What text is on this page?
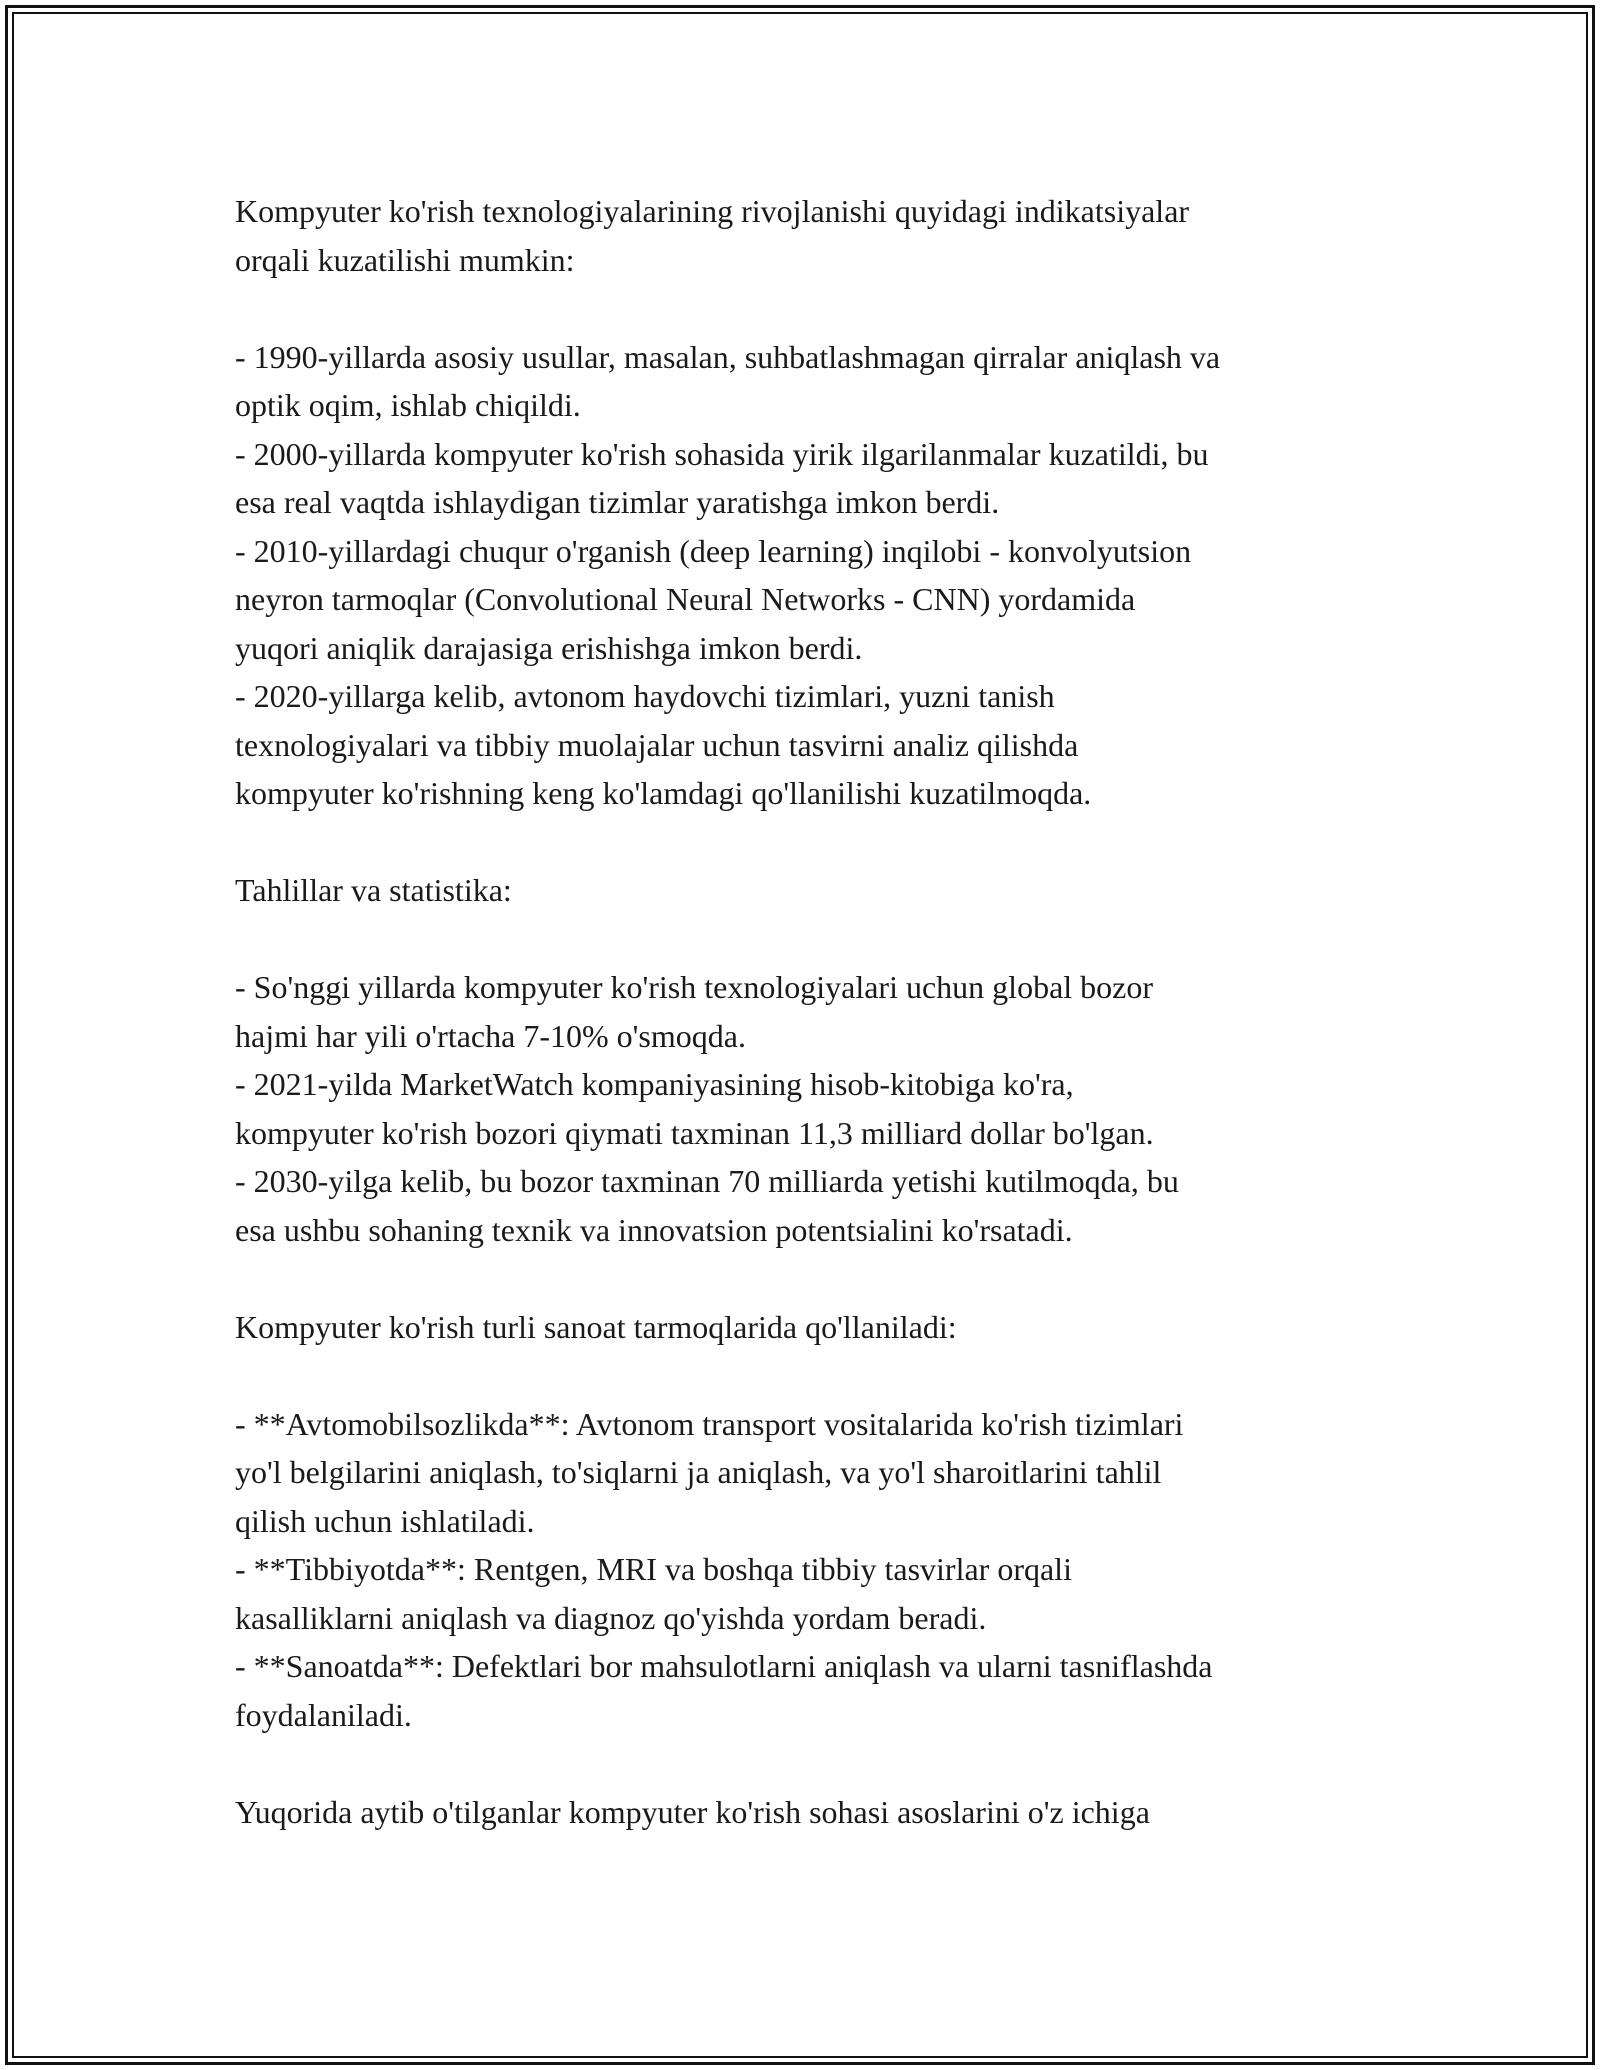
Kompyuter ko'rish texnologiyalarining rivojlanishi quyidagi indikatsiyalar
orqali kuzatilishi mumkin:
- 1990-yillarda asosiy usullar, masalan, suhbatlashmagan qirralar aniqlash va
optik oqim, ishlab chiqildi.
- 2000-yillarda kompyuter ko'rish sohasida yirik ilgarilanmalar kuzatildi, bu
esa real vaqtda ishlaydigan tizimlar yaratishga imkon berdi.
- 2010-yillardagi chuqur o'rganish (deep learning) inqilobi - konvolyutsion
neyron tarmoqlar (Convolutional Neural Networks - CNN) yordamida
yuqori aniqlik darajasiga erishishga imkon berdi.
- 2020-yillarga kelib, avtonom haydovchi tizimlari, yuzni tanish
texnologiyalari va tibbiy muolajalar uchun tasvirni analiz qilishda
kompyuter ko'rishning keng ko'lamdagi qo'llanilishi kuzatilmoqda.
Tahlillar va statistika:
- So'nggi yillarda kompyuter ko'rish texnologiyalari uchun global bozor
hajmi har yili o'rtacha 7-10% o'smoqda.
- 2021-yilda MarketWatch kompaniyasining hisob-kitobiga ko'ra,
kompyuter ko'rish bozori qiymati taxminan 11,3 milliard dollar bo'lgan.
- 2030-yilga kelib, bu bozor taxminan 70 milliarda yetishi kutilmoqda, bu
esa ushbu sohaning texnik va innovatsion potentsialini ko'rsatadi.
Kompyuter ko'rish turli sanoat tarmoqlarida qo'llaniladi:
- **Avtomobilsozlikda**: Avtonom transport vositalarida ko'rish tizimlari
yo'l belgilarini aniqlash, to'siqlarni ja aniqlash, va yo'l sharoitlarini tahlil
qilish uchun ishlatiladi.
- **Tibbiyotda**: Rentgen, MRI va boshqa tibbiy tasvirlar orqali
kasalliklarni aniqlash va diagnoz qo'yishda yordam beradi.
- **Sanoatda**: Defektlari bor mahsulotlarni aniqlash va ularni tasniflashda
foydalaniladi.
Yuqorida aytib o'tilganlar kompyuter ko'rish sohasi asoslarini o'z ichiga
